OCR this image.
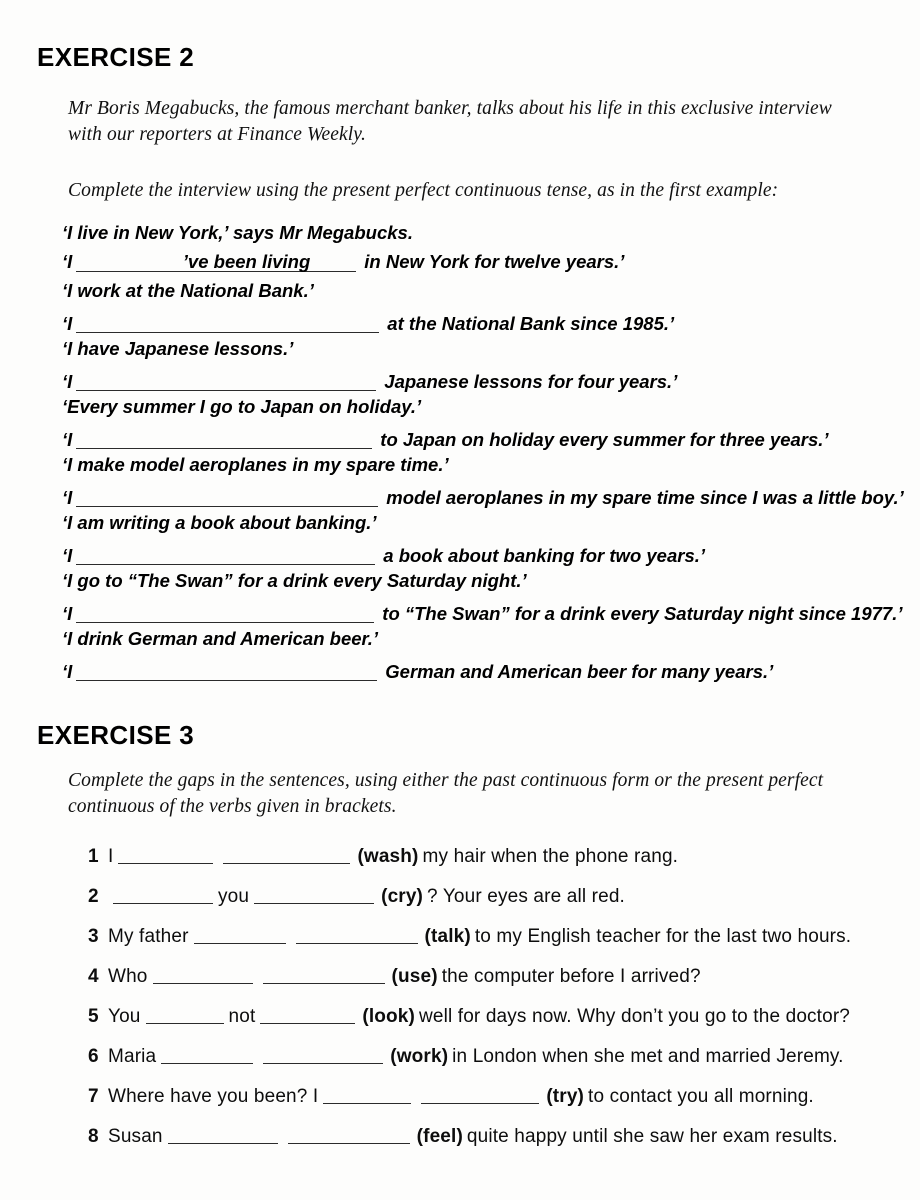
EXERCISE 2
Mr Boris Megabucks, the famous merchant banker, talks about his life in this exclusive interview with our reporters at Finance Weekly.
Complete the interview using the present perfect continuous tense, as in the first example:
‘I live in New York,’ says Mr Megabucks.
‘I	’ve been living	in New York for twelve years.’
‘I work at the National Bank.’
‘I	at the National Bank since 1985.’
‘I have Japanese lessons.’
‘I	Japanese lessons for four years.’
‘Every summer I go to Japan on holiday.’
‘I	to Japan on holiday every summer for three years.’
‘I make model aeroplanes in my spare time.’
‘I	model aeroplanes in my spare time since I was a little boy.’
‘I am writing a book about banking.’
‘I	a book about banking for two years.’
‘I go to “The Swan” for a drink every Saturday night.’
‘I	to “The Swan” for a drink every Saturday night since 1977.’
‘I drink German and American beer.’
‘I	German and American beer for many years.’
EXERCISE 3
Complete the gaps in the sentences, using either the past continuous form or the present perfect continuous of the verbs given in brackets.
1 I	(wash) my hair when the phone rang.
2	you	(cry) ? Your eyes are all red.
3 My father	(talk) to my English teacher for the last two hours.
4 Who	(use) the computer before I arrived?
5 You	not	(look) well for days now. Why don’t you go to the doctor?
6 Maria	(work) in London when she met and married Jeremy.
7 Where have you been? I	(try) to contact you all morning.
8 Susan	(feel) quite happy until she saw her exam results.
